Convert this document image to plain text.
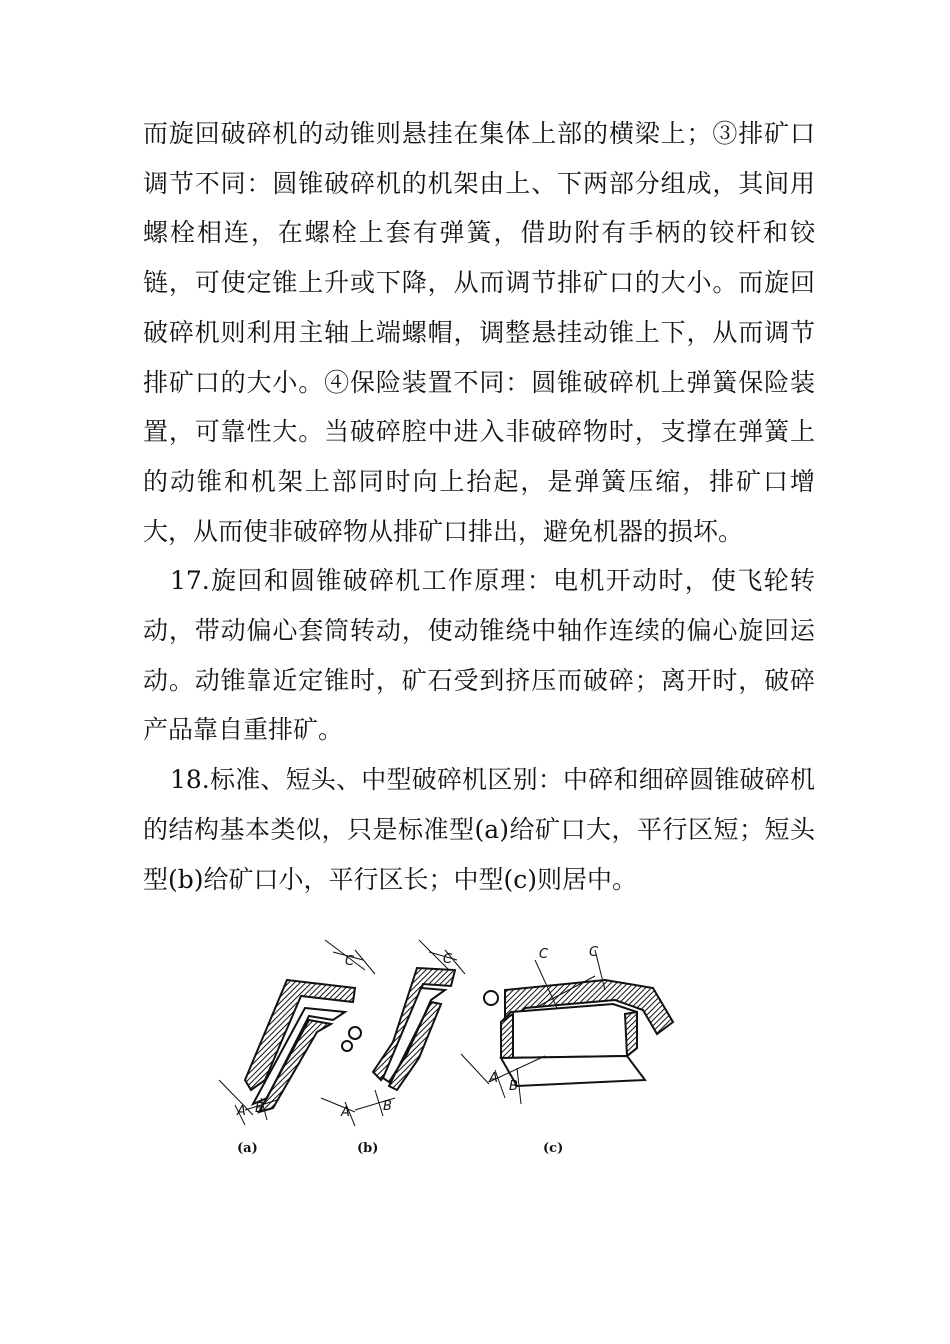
而旋回破碎机的动锥则悬挂在集体上部的横梁上；③排矿口调节不同：圆锥破碎机的机架由上、下两部分组成，其间用螺栓相连，在螺栓上套有弹簧，借助附有手柄的铰杆和铰链，可使定锥上升或下降，从而调节排矿口的大小。而旋回破碎机则利用主轴上端螺帽，调整悬挂动锥上下，从而调节排矿口的大小。④保险装置不同：圆锥破碎机上弹簧保险装置，可靠性大。当破碎腔中进入非破碎物时，支撑在弹簧上的动锥和机架上部同时向上抬起，是弹簧压缩，排矿口增大，从而使非破碎物从排矿口排出，避免机器的损坏。

17.旋回和圆锥破碎机工作原理：电机开动时，使飞轮转动，带动偏心套筒转动，使动锥绕中轴作连续的偏心旋回运动。动锥靠近定锥时，矿石受到挤压而破碎；离开时，破碎产品靠自重排矿。

18.标准、短头、中型破碎机区别：中碎和细碎圆锥破碎机的结构基本类似，只是标准型(a)给矿口大，平行区短；短头型(b)给矿口小，平行区长；中型(c)则居中。

C
A B
(a)
C
A	B
(b)
C	C
A
B
(c)
